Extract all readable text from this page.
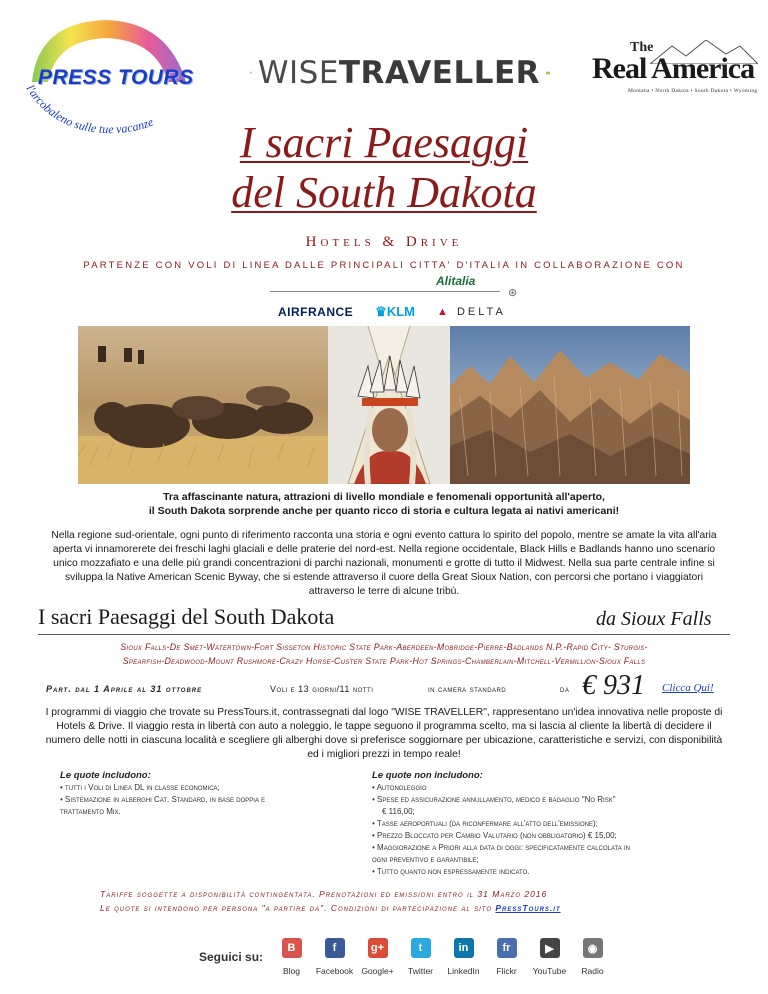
PRESS TOURS
l'arcobaleno sulle tue vacanze
WISETRAVELLER
The
Real America
Montana • North Dakota • South Dakota • Wyoming
I sacri Paesaggi
del South Dakota
Hotels & Drive
PARTENZE CON VOLI DI LINEA DALLE PRINCIPALI CITTA' D'ITALIA IN COLLABORAZIONE CON
Alitalia
⊛
AIRFRANCE ♛KLM ▲ DELTA
Tra affascinante natura, attrazioni di livello mondiale e fenomenali opportunità all'aperto,
il South Dakota sorprende anche per quanto ricco di storia e cultura legata ai nativi americani!
Nella regione sud-orientale, ogni punto di riferimento racconta una storia e ogni evento cattura lo spirito del popolo, mentre se amate la vita all'aria aperta vi innamorerete dei freschi laghi glaciali e delle praterie del nord-est. Nella regione occidentale, Black Hills e Badlands hanno uno scenario unico mozzafiato e una delle più grandi concentrazioni di parchi nazionali, monumenti e grotte di tutto il Midwest. Nella sua parte centrale infine si sviluppa la Native American Scenic Byway, che si estende attraverso il cuore della Great Sioux Nation, con percorsi che portano i viaggiatori attraverso le terre di alcune tribù.
I sacri Paesaggi del South Dakota	da Sioux Falls
Sioux Falls-De Smet-Watertown-Fort Sisseton Historic State Park-Aberdeen-Mobridge-Pierre-Badlands N.P.-Rapid City- Sturgis-
Spearfish-Deadwood-Mount Rushmore-Crazy Horse-Custer State Park-Hot Springs-Chamberlain-Mitchell-Vermillion-Sioux Falls
Part. dal 1 Aprile al 31 ottobre	Voli e 13 giorni/11 notti	in camera standard	da € 931 Clicca Qui!
I programmi di viaggio che trovate su PressTours.it, contrassegnati dal logo "WISE TRAVELLER", rappresentano un'idea innovativa nelle proposte di Hotels & Drive. Il viaggio resta in libertà con auto a noleggio, le tappe seguono il programma scelto, ma si lascia al cliente la libertà di decidere il numero delle notti in ciascuna località e scegliere gli alberghi dove si preferisce soggiornare per ubicazione, caratteristiche e servizi, con disponibilità ed i migliori prezzi in tempo reale!
Le quote includono:
• tutti i Voli di Linea DL in classe economica;
• Sistemazione in alberghi Cat. Standard, in base doppia e
trattamento Mix.
Le quote non includono:
• Autonoleggio
• Spese ed assicurazione annullamento, medico e bagaglio "No Risk"
€ 116,00;
• Tasse aeroportuali (da riconfermare all'atto dell'emissione);
• Prezzo Bloccato per Cambio Valutario (non obbligatorio) € 15,00;
• Maggiorazione a Priori alla data di oggi: specificatamente calcolata in
ogni preventivo e garantibile;
• Tutto quanto non espressamente indicato.
Tariffe soggette a disponibilità contingentata. Prenotazioni ed emissioni entro il 31 Marzo 2016
Le quote si intendono per persona "a partire da". Condizioni di partecipazione al sito PressTours.it
Seguici su:
B
Blog
f
Facebook
g+
Google+
t
Twitter
in
LinkedIn
fr
Flickr
▶
YouTube
◉
Radio
